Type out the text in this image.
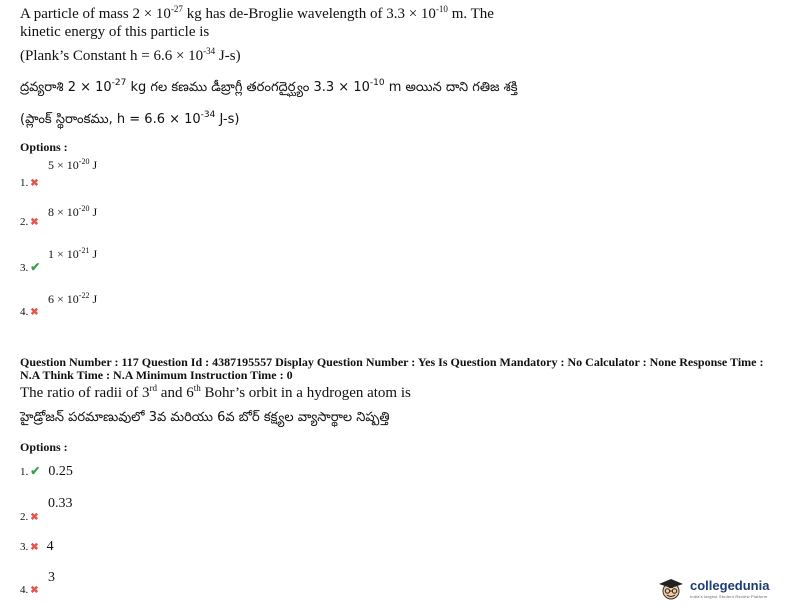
A particle of mass $2 \times 10^{-27}$ kg has de-Broglie wavelength of $3.3 \times 10^{-10}$ m. The
kinetic energy of this particle is
(Plank’s Constant $h = 6.6 \times 10^{-34}$ J-s)
ద్రవ్యరాశి $2 \times 10^{-27}$ kg గల కణము డీబ్రాగ్లీ తరంగదైర్ఘ్యం $3.3 \times 10^{-10}$ m అయిన దాని గతిజ శక్తి
(ప్లాంక్ స్థిరాంకము, $h = 6.6 \times 10^{-34}$ J-s)
Options :
$5 \times 10^{-20}$ J
1. ✖
$8 \times 10^{-20}$ J
2. ✖
$1 \times 10^{-21}$ J
3. ✔
$6 \times 10^{-22}$ J
4. ✖
Question Number : 117 Question Id : 4387195557 Display Question Number : Yes Is Question Mandatory : No Calculator : None Response Time :
N.A Think Time : N.A Minimum Instruction Time : 0
The ratio of radii of 3rd and 6th Bohr’s orbit in a hydrogen atom is
హైడ్రోజన్ పరమాణువులో 3వ మరియు 6వ బోర్ కక్ష్యల వ్యాసార్థాల నిష్పత్తి
Options :
1. ✔ 0.25
0.33
2. ✖
3. ✖ 4
3
4. ✖	collegedunia
India's largest Student Review Platform
